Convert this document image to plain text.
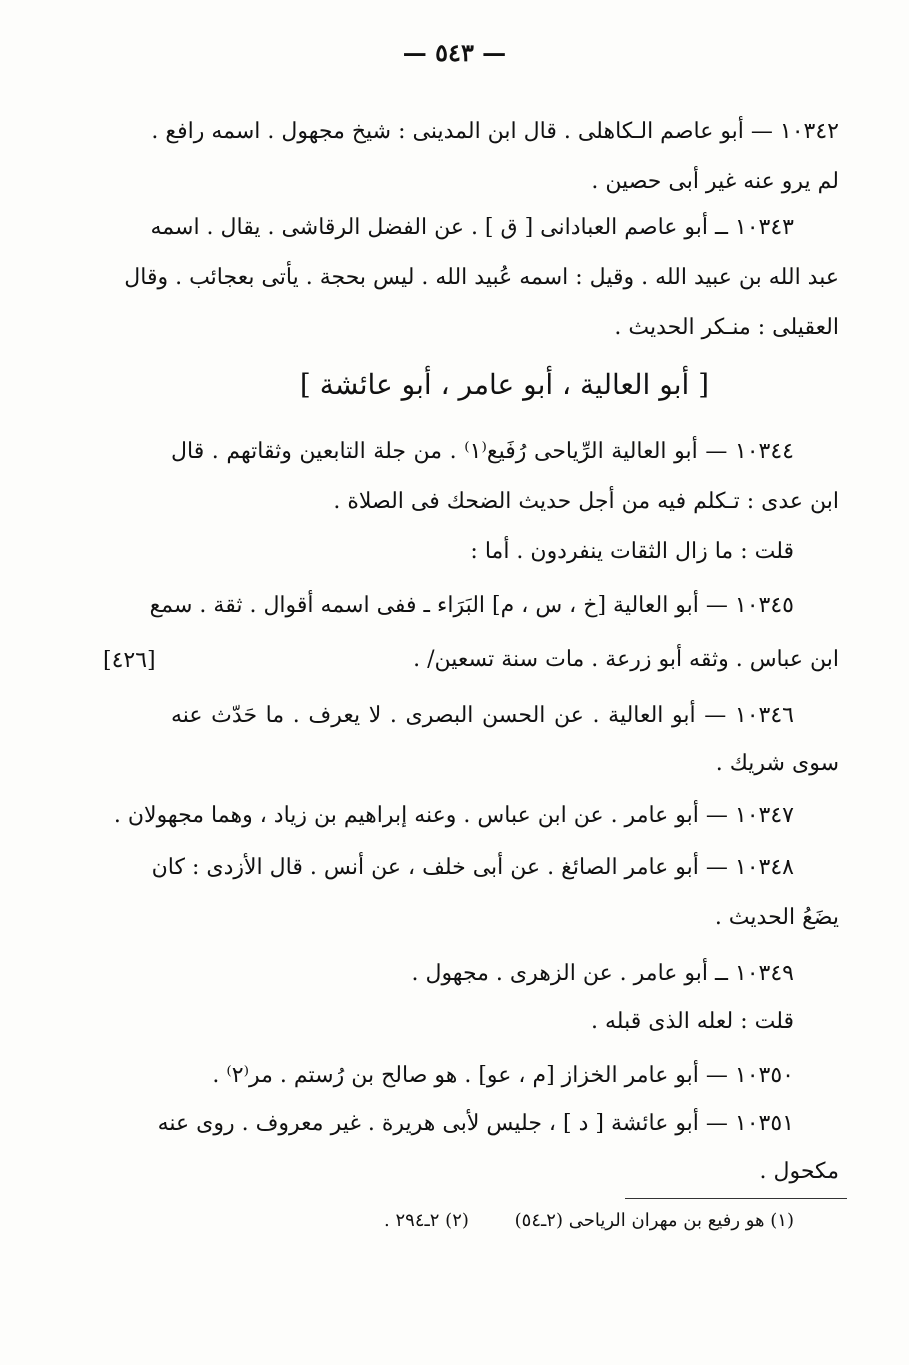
— ٥٤٣ —
١٠٣٤٢ — أبو عاصم الـكاهلى . قال ابن المدينى : شيخ مجهول . اسمه رافع .
لم يرو عنه غير أبى حصين .
١٠٣٤٣ ــ أبو عاصم العبادانى [ ق ] . عن الفضل الرقاشى . يقال . اسمه
عبد الله بن عبيد الله . وقيل : اسمه عُبيد الله . ليس بحجة . يأتى بعجائب . وقال
العقيلى : منـكر الحديث .
[ أبو العالية ، أبو عامر ، أبو عائشة ]
١٠٣٤٤ — أبو العالية الرِّياحى رُفَيع⁽١⁾ . من جلة التابعين وثقاتهم . قال
ابن عدى : تـكلم فيه من أجل حديث الضحك فى الصلاة .
قلت : ما زال الثقات ينفردون . أما :
١٠٣٤٥ — أبو العالية [خ ، س ، م] البَرَاء ـ ففى اسمه أقوال . ثقة . سمع
ابن عباس . وثقه أبو زرعة . مات سنة تسعين/ .
[٤٢٦]
١٠٣٤٦ — أبو العالية . عن الحسن البصرى . لا يعرف . ما حَدّث عنه
سوى شريك .
١٠٣٤٧ — أبو عامر . عن ابن عباس . وعنه إبراهيم بن زياد ، وهما مجهولان .
١٠٣٤٨ — أبو عامر الصائغ . عن أبى خلف ، عن أنس . قال الأزدى : كان
يضَعُ الحديث .
١٠٣٤٩ ــ أبو عامر . عن الزهرى . مجهول .
قلت : لعله الذى قبله .
١٠٣٥٠ — أبو عامر الخزاز [م ، عو] . هو صالح بن رُستم . مر⁽٢⁾ .
١٠٣٥١ — أبو عائشة [ د ] ، جليس لأبى هريرة . غير معروف . روى عنه
مكحول .
(١) هو رفيع بن مهران الرياحى (٢ـ٥٤) (٢) ٢ـ٢٩٤ .
